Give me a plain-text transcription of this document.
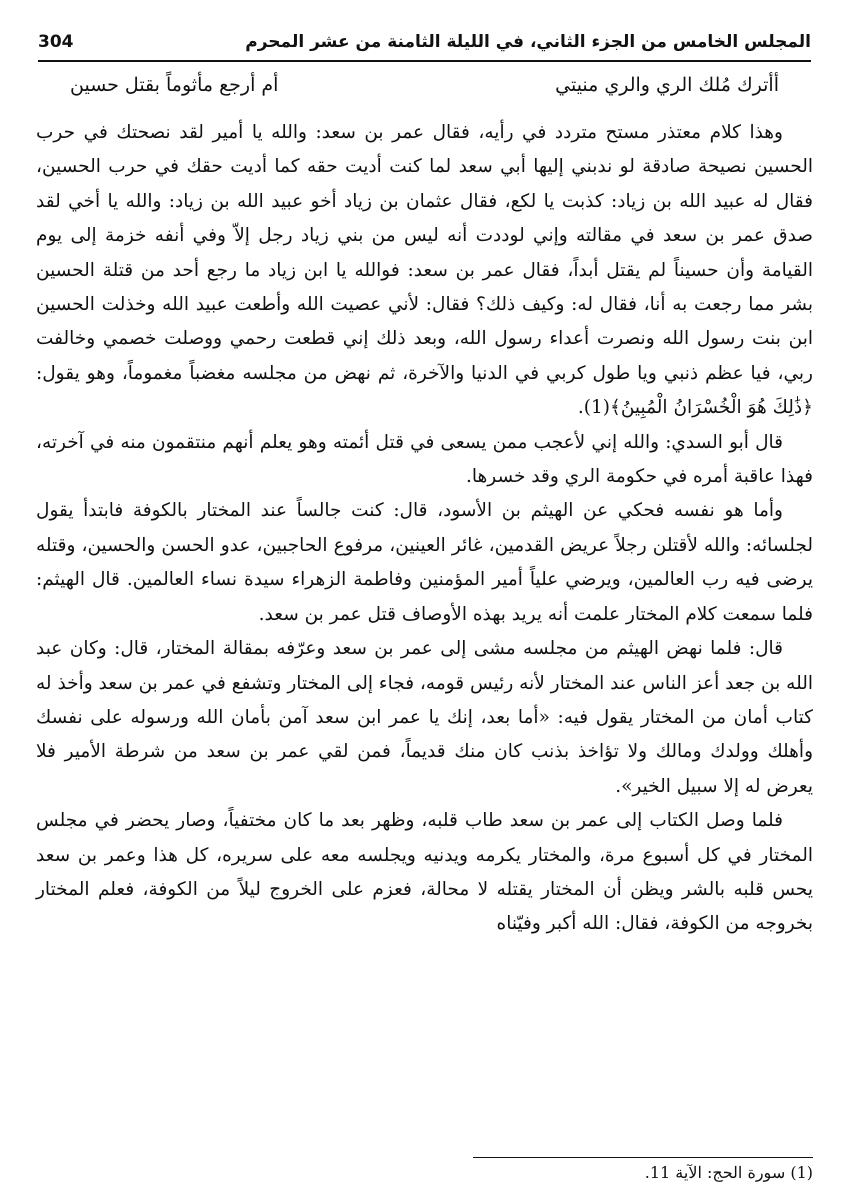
المجلس الخامس من الجزء الثاني، في الليلة الثامنة من عشر المحرم
304
أأترك مُلك الري والري منيتي
أم أرجع مأثوماً بقتل حسين

وهذا كلام معتذر مستح متردد في رأيه، فقال عمر بن سعد: والله يا أمير لقد نصحتك في حرب الحسين نصيحة صادقة لو ندبني إليها أبي سعد لما كنت أديت حقه كما أديت حقك في حرب الحسين، فقال له عبيد الله بن زياد: كذبت يا لكع، فقال عثمان بن زياد أخو عبيد الله بن زياد: والله يا أخي لقد صدق عمر بن سعد في مقالته وإني لوددت أنه ليس من بني زياد رجل إلاّ وفي أنفه خزمة إلى يوم القيامة وأن حسيناً لم يقتل أبداً، فقال عمر بن سعد: فوالله يا ابن زياد ما رجع أحد من قتلة الحسين بشر مما رجعت به أنا، فقال له: وكيف ذلك؟ فقال: لأني عصيت الله وأطعت عبيد الله وخذلت الحسين ابن بنت رسول الله ونصرت أعداء رسول الله، وبعد ذلك إني قطعت رحمي ووصلت خصمي وخالفت ربي، فيا عظم ذنبي ويا طول كربي في الدنيا والآخرة، ثم نهض من مجلسه مغضباً مغموماً، وهو يقول: ﴿ذَٰلِكَ هُوَ الْخُسْرَانُ الْمُبِينُ﴾(1).

قال أبو السدي: والله إني لأعجب ممن يسعى في قتل أئمته وهو يعلم أنهم منتقمون منه في آخرته، فهذا عاقبة أمره في حكومة الري وقد خسرها.

وأما هو نفسه فحكي عن الهيثم بن الأسود، قال: كنت جالساً عند المختار بالكوفة فابتدأ يقول لجلسائه: والله لأقتلن رجلاً عريض القدمين، غائر العينين، مرفوع الحاجبين، عدو الحسن والحسين، وقتله يرضى فيه رب العالمين، ويرضي علياً أمير المؤمنين وفاطمة الزهراء سيدة نساء العالمين. قال الهيثم: فلما سمعت كلام المختار علمت أنه يريد بهذه الأوصاف قتل عمر بن سعد.

قال: فلما نهض الهيثم من مجلسه مشى إلى عمر بن سعد وعرّفه بمقالة المختار، قال: وكان عبد الله بن جعد أعز الناس عند المختار لأنه رئيس قومه، فجاء إلى المختار وتشفع في عمر بن سعد وأخذ له كتاب أمان من المختار يقول فيه: «أما بعد، إنك يا عمر ابن سعد آمن بأمان الله ورسوله على نفسك وأهلك وولدك ومالك ولا تؤاخذ بذنب كان منك قديماً، فمن لقي عمر بن سعد من شرطة الأمير فلا يعرض له إلا سبيل الخير».

فلما وصل الكتاب إلى عمر بن سعد طاب قلبه، وظهر بعد ما كان مختفياً، وصار يحضر في مجلس المختار في كل أسبوع مرة، والمختار يكرمه ويدنيه ويجلسه معه على سريره، كل هذا وعمر بن سعد يحس قلبه بالشر ويظن أن المختار يقتله لا محالة، فعزم على الخروج ليلاً من الكوفة، فعلم المختار بخروجه من الكوفة، فقال: الله أكبر وفيّناه

(1) سورة الحج: الآية 11.
